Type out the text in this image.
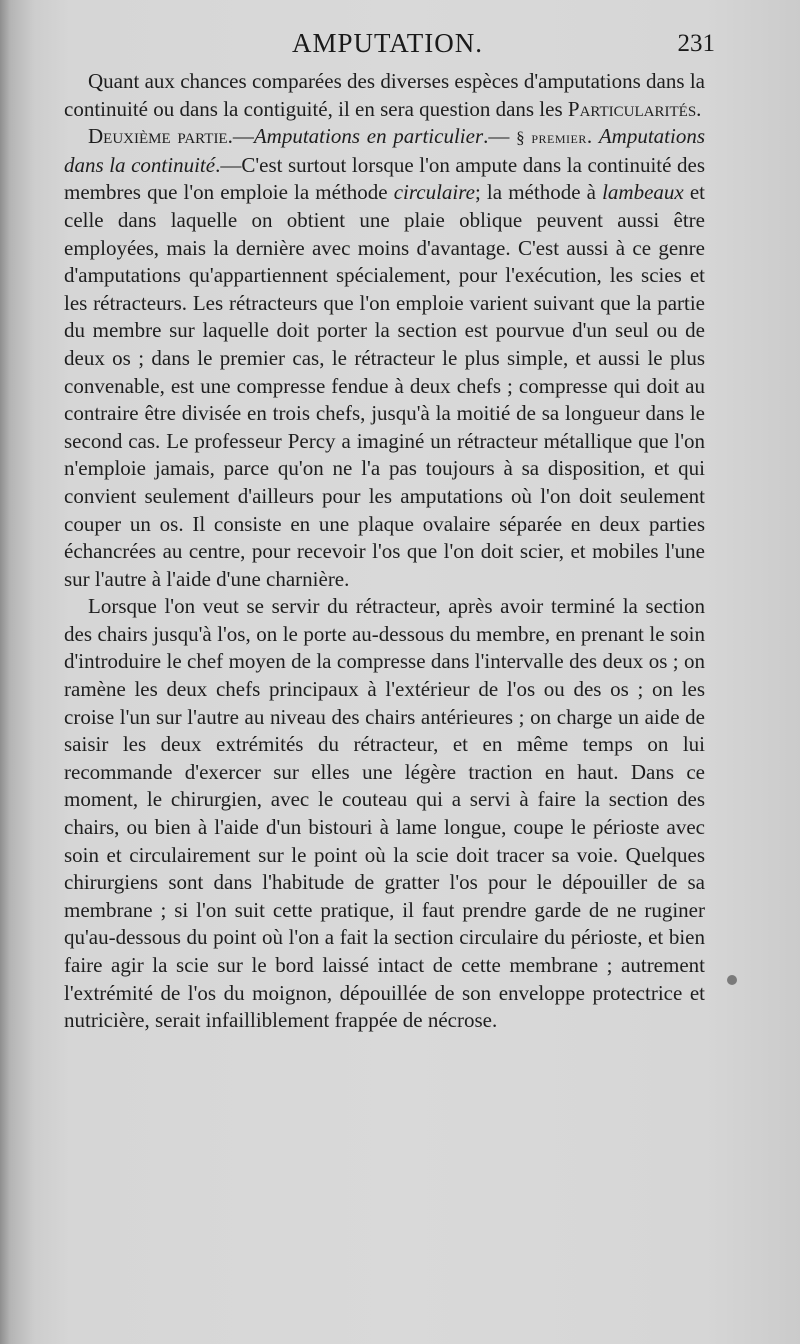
AMPUTATION.	231

Quant aux chances comparées des diverses espèces d'amputations dans la continuité ou dans la contiguité, il en sera question dans les Particularités.

Deuxième partie.—Amputations en particulier.— § premier. Amputations dans la continuité.—C'est surtout lorsque l'on ampute dans la continuité des membres que l'on emploie la méthode circulaire; la méthode à lambeaux et celle dans laquelle on obtient une plaie oblique peuvent aussi être employées, mais la dernière avec moins d'avantage. C'est aussi à ce genre d'amputations qu'appartiennent spécialement, pour l'exécution, les scies et les rétracteurs. Les rétracteurs que l'on emploie varient suivant que la partie du membre sur laquelle doit porter la section est pourvue d'un seul ou de deux os ; dans le premier cas, le rétracteur le plus simple, et aussi le plus convenable, est une compresse fendue à deux chefs ; compresse qui doit au contraire être divisée en trois chefs, jusqu'à la moitié de sa longueur dans le second cas. Le professeur Percy a imaginé un rétracteur métallique que l'on n'emploie jamais, parce qu'on ne l'a pas toujours à sa disposition, et qui convient seulement d'ailleurs pour les amputations où l'on doit seulement couper un os. Il consiste en une plaque ovalaire séparée en deux parties échancrées au centre, pour recevoir l'os que l'on doit scier, et mobiles l'une sur l'autre à l'aide d'une charnière.

Lorsque l'on veut se servir du rétracteur, après avoir terminé la section des chairs jusqu'à l'os, on le porte au-dessous du membre, en prenant le soin d'introduire le chef moyen de la compresse dans l'intervalle des deux os ; on ramène les deux chefs principaux à l'extérieur de l'os ou des os ; on les croise l'un sur l'autre au niveau des chairs antérieures ; on charge un aide de saisir les deux extrémités du rétracteur, et en même temps on lui recommande d'exercer sur elles une légère traction en haut. Dans ce moment, le chirurgien, avec le couteau qui a servi à faire la section des chairs, ou bien à l'aide d'un bistouri à lame longue, coupe le périoste avec soin et circulairement sur le point où la scie doit tracer sa voie. Quelques chirurgiens sont dans l'habitude de gratter l'os pour le dépouiller de sa membrane ; si l'on suit cette pratique, il faut prendre garde de ne ruginer qu'au-dessous du point où l'on a fait la section circulaire du périoste, et bien faire agir la scie sur le bord laissé intact de cette membrane ; autrement l'extrémité de l'os du moignon, dépouillée de son enveloppe protectrice et nutricière, serait infailliblement frappée de nécrose.
